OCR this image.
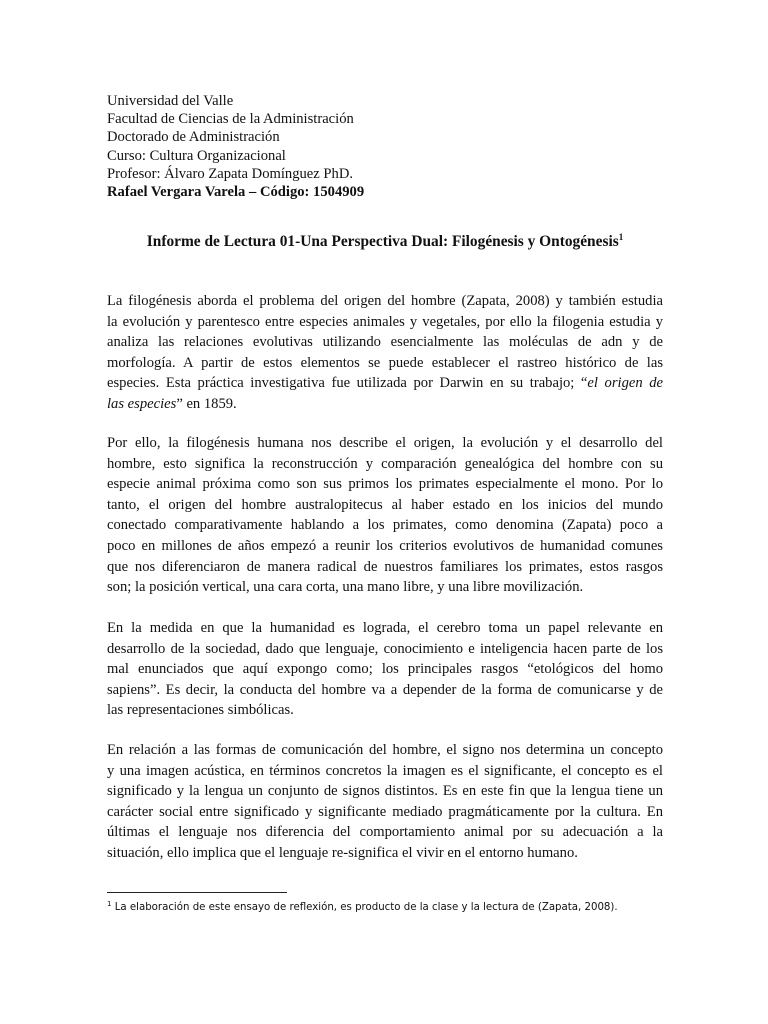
Universidad del Valle
Facultad de Ciencias de la Administración
Doctorado de Administración
Curso: Cultura Organizacional
Profesor: Álvaro Zapata Domínguez PhD.
Rafael Vergara Varela – Código: 1504909
Informe de Lectura 01-Una Perspectiva Dual: Filogénesis y Ontogénesis$^1$

La filogénesis aborda el problema del origen del hombre (Zapata, 2008) y también estudia
la evolución y parentesco entre especies animales y vegetales, por ello la filogenia estudia y
analiza las relaciones evolutivas utilizando esencialmente las moléculas de adn y de
morfología. A partir de estos elementos se puede establecer el rastreo histórico de las
especies. Esta práctica investigativa fue utilizada por Darwin en su trabajo; “el origen de
las especies” en 1859.

Por ello, la filogénesis humana nos describe el origen, la evolución y el desarrollo del
hombre, esto significa la reconstrucción y comparación genealógica del hombre con su
especie animal próxima como son sus primos los primates especialmente el mono. Por lo
tanto, el origen del hombre australopitecus al haber estado en los inicios del mundo
conectado comparativamente hablando a los primates, como denomina (Zapata) poco a
poco en millones de años empezó a reunir los criterios evolutivos de humanidad comunes
que nos diferenciaron de manera radical de nuestros familiares los primates, estos rasgos
son; la posición vertical, una cara corta, una mano libre, y una libre movilización.

En la medida en que la humanidad es lograda, el cerebro toma un papel relevante en
desarrollo de la sociedad, dado que lenguaje, conocimiento e inteligencia hacen parte de los
mal enunciados que aquí expongo como; los principales rasgos “etológicos del homo
sapiens”. Es decir, la conducta del hombre va a depender de la forma de comunicarse y de
las representaciones simbólicas.

En relación a las formas de comunicación del hombre, el signo nos determina un concepto
y una imagen acústica, en términos concretos la imagen es el significante, el concepto es el
significado y la lengua un conjunto de signos distintos. Es en este fin que la lengua tiene un
carácter social entre significado y significante mediado pragmáticamente por la cultura. En
últimas el lenguaje nos diferencia del comportamiento animal por su adecuación a la
situación, ello implica que el lenguaje re-significa el vivir en el entorno humano.

$^1$ La elaboración de este ensayo de reflexión, es producto de la clase y la lectura de (Zapata, 2008).
